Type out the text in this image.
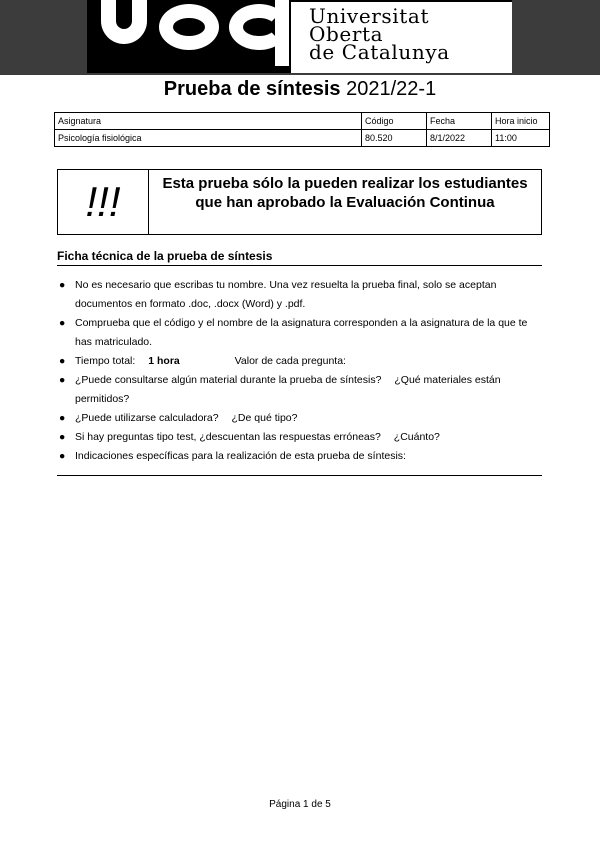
Universitat
Oberta
de Catalunya
Prueba de síntesis 2021/22-1
Asignatura	Código	Fecha	Hora inicio
Psicología fisiológica	80.520	8/1/2022	11:00
!!!	Esta prueba sólo la pueden realizar los estudiantes que han aprobado la Evaluación Continua
Ficha técnica de la prueba de síntesis
● No es necesario que escribas tu nombre. Una vez resuelta la prueba final, solo se aceptan documentos en formato .doc, .docx (Word) y .pdf.
● Comprueba que el código y el nombre de la asignatura corresponden a la asignatura de la que te has matriculado.
● Tiempo total: 1 hora	Valor de cada pregunta:
● ¿Puede consultarse algún material durante la prueba de síntesis? ¿Qué materiales están permitidos?
● ¿Puede utilizarse calculadora? ¿De qué tipo?
● Si hay preguntas tipo test, ¿descuentan las respuestas erróneas? ¿Cuánto?
● Indicaciones específicas para la realización de esta prueba de síntesis:
Página 1 de 5
